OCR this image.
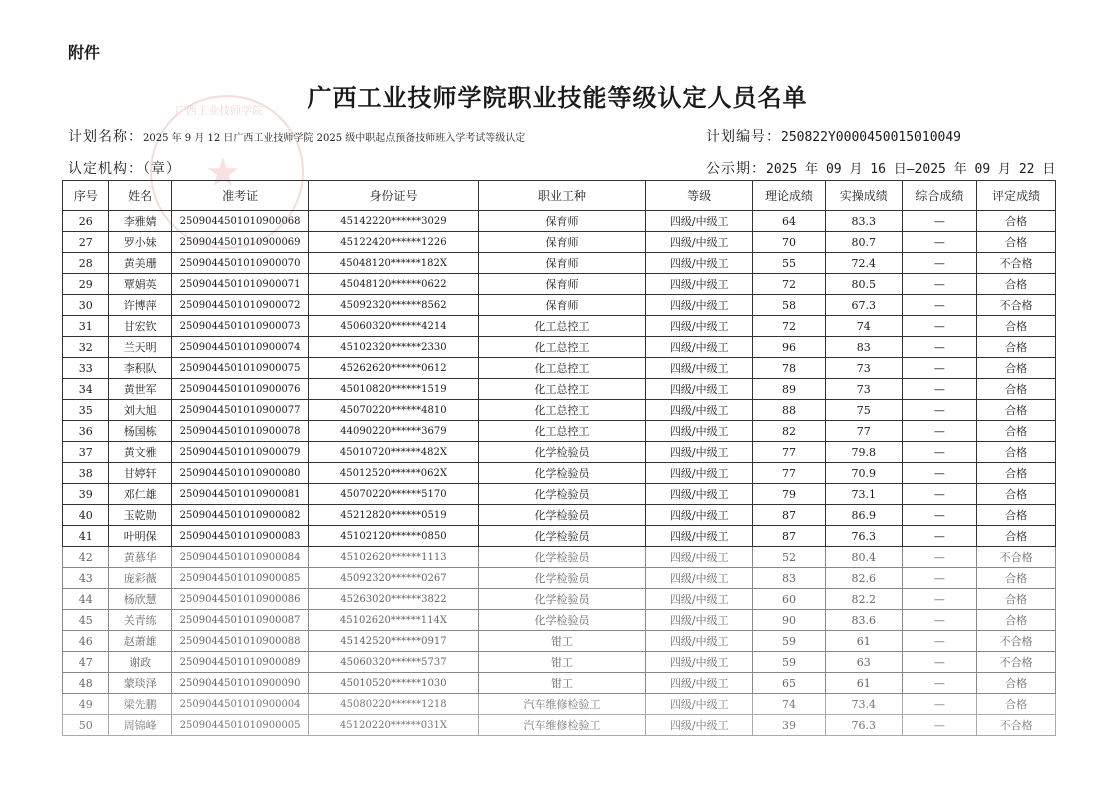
附件
★
广西工业技师学院	广西工业技师学院职业技能等级认定人员名单
计划名称：2025 年 9 月 12 日广西工业技师学院 2025 级中职起点预备技师班入学考试等级认定	计划编号：250822Y0000450015010049
认定机构：（章）	公示期：2025 年 09 月 16 日—2025 年 09 月 22 日
序号	姓名	准考证	身份证号	职业工种	等级	理论成绩	实操成绩	综合成绩	评定成绩
26	李雅婧	2509044501010900068	45142220******3029	保育师	四级/中级工	64	83.3	—	合格
27	罗小妹	2509044501010900069	45122420******1226	保育师	四级/中级工	70	80.7	—	合格
28	黄美珊	2509044501010900070	45048120******182X	保育师	四级/中级工	55	72.4	—	不合格
29	覃娟英	2509044501010900071	45048120******0622	保育师	四级/中级工	72	80.5	—	合格
30	许博萍	2509044501010900072	45092320******8562	保育师	四级/中级工	58	67.3	—	不合格
31	甘宏钦	2509044501010900073	45060320******4214	化工总控工	四级/中级工	72	74	—	合格
32	兰天明	2509044501010900074	45102320******2330	化工总控工	四级/中级工	96	83	—	合格
33	李积队	2509044501010900075	45262620******0612	化工总控工	四级/中级工	78	73	—	合格
34	黄世军	2509044501010900076	45010820******1519	化工总控工	四级/中级工	89	73	—	合格
35	刘大旭	2509044501010900077	45070220******4810	化工总控工	四级/中级工	88	75	—	合格
36	杨国栋	2509044501010900078	44090220******3679	化工总控工	四级/中级工	82	77	—	合格
37	黄文雅	2509044501010900079	45010720******482X	化学检验员	四级/中级工	77	79.8	—	合格
38	甘婷轩	2509044501010900080	45012520******062X	化学检验员	四级/中级工	77	70.9	—	合格
39	邓仁雄	2509044501010900081	45070220******5170	化学检验员	四级/中级工	79	73.1	—	合格
40	玉乾勋	2509044501010900082	45212820******0519	化学检验员	四级/中级工	87	86.9	—	合格
41	叶明保	2509044501010900083	45102120******0850	化学检验员	四级/中级工	87	76.3	—	合格
42	黄慕华	2509044501010900084	45102620******1113	化学检验员	四级/中级工	52	80.4	—	不合格
43	庞彩薇	2509044501010900085	45092320******0267	化学检验员	四级/中级工	83	82.6	—	合格
44	杨欣慧	2509044501010900086	45263020******3822	化学检验员	四级/中级工	60	82.2	—	合格
45	关青练	2509044501010900087	45102620******114X	化学检验员	四级/中级工	90	83.6	—	合格
46	赵萧雄	2509044501010900088	45142520******0917	钳工	四级/中级工	59	61	—	不合格
47	谢政	2509044501010900089	45060320******5737	钳工	四级/中级工	59	63	—	不合格
48	蒙琰泽	2509044501010900090	45010520******1030	钳工	四级/中级工	65	61	—	合格
49	梁先鹏	2509044501010900004	45080220******1218	汽车维修检验工	四级/中级工	74	73.4	—	合格
50	周锦峰	2509044501010900005	45120220******031X	汽车维修检验工	四级/中级工	39	76.3	—	不合格
